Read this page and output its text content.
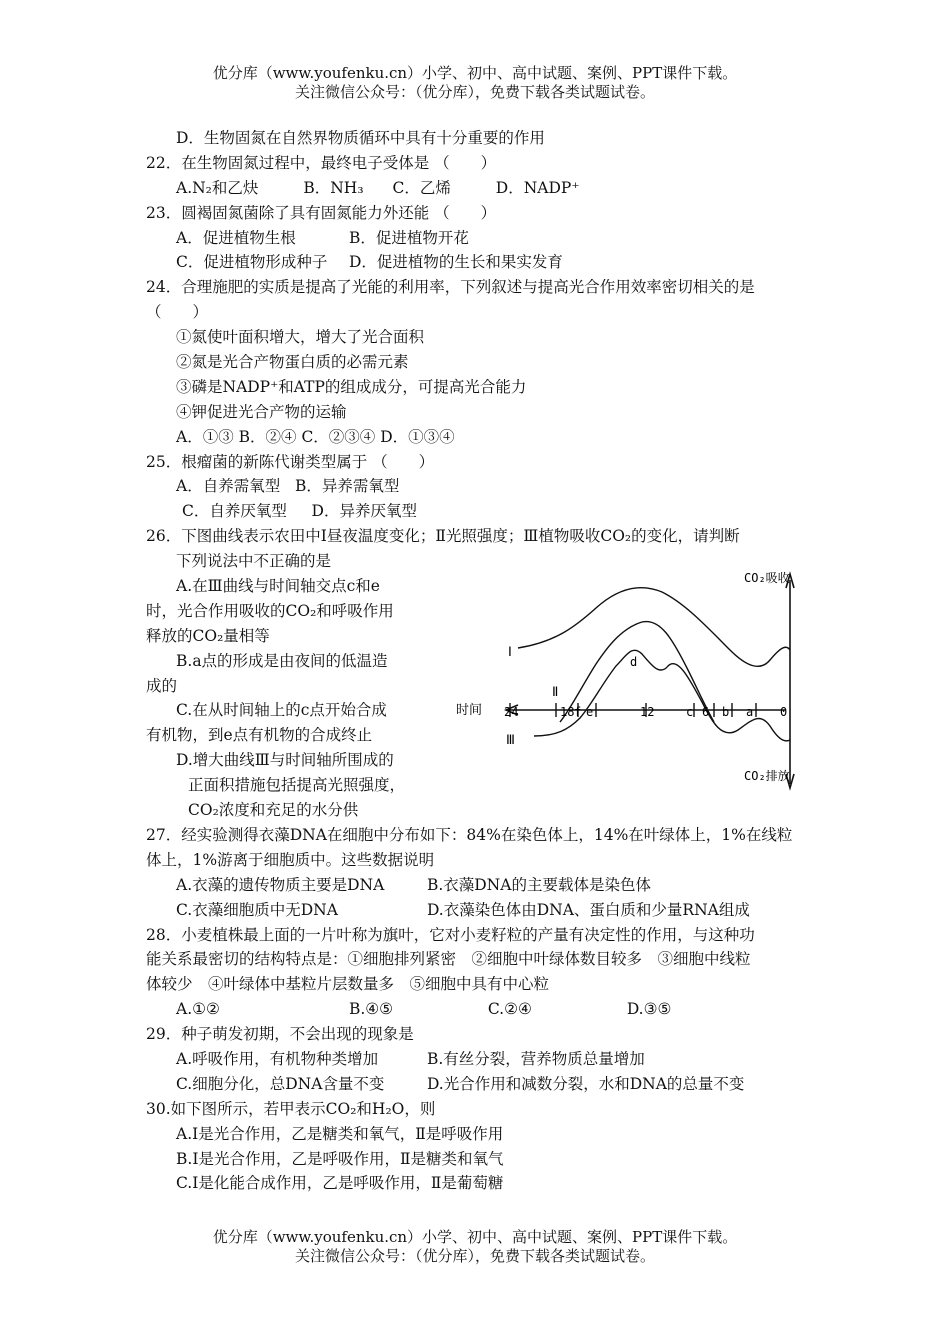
优分库（www.youfenku.cn）小学、初中、高中试题、案例、PPT课件下载。
关注微信公众号：（优分库），免费下载各类试题试卷。
D．生物固氮在自然界物质循环中具有十分重要的作用
22．在生物固氮过程中，最终电子受体是 （　　）
A.N₂和乙炔	B．NH₃ C．乙烯	D．NADP⁺
23．圆褐固氮菌除了具有固氮能力外还能 （　　）
A．促进植物生根	B．促进植物开花
C．促进植物形成种子 D．促进植物的生长和果实发育
24．合理施肥的实质是提高了光能的利用率，下列叙述与提高光合作用效率密切相关的是
（　　）
①氮使叶面积增大，增大了光合面积
②氮是光合产物蛋白质的必需元素
③磷是NADP⁺和ATP的组成成分，可提高光合能力
④钾促进光合产物的运输
A．①③ B．②④ C．②③④ D．①③④
25．根瘤菌的新陈代谢类型属于 （　　）
A．自养需氧型 B．异养需氧型
C．自养厌氧型 D．异养厌氧型
26．下图曲线表示农田中Ⅰ昼夜温度变化；Ⅱ光照强度；Ⅲ植物吸收CO₂的变化，请判断
下列说法中不正确的是
A.在Ⅲ曲线与时间轴交点c和e
时，光合作用吸收的CO₂和呼吸作用
释放的CO₂量相等
B.a点的形成是由夜间的低温造
成的
C.在从时间轴上的c点开始合成
有机物，到e点有机物的合成终止
D.增大曲线Ⅲ与时间轴所围成的
正面积措施包括提高光照强度，
CO₂浓度和充足的水分供
27．经实验测得衣藻DNA在细胞中分布如下：84%在染色体上，14%在叶绿体上，1%在线粒
体上，1%游离于细胞质中。这些数据说明
A.衣藻的遗传物质主要是DNA	B.衣藻DNA的主要载体是染色体
C.衣藻细胞质中无DNA	D.衣藻染色体由DNA、蛋白质和少量RNA组成
28．小麦植株最上面的一片叶称为旗叶，它对小麦籽粒的产量有决定性的作用，与这种功
能关系最密切的结构特点是：①细胞排列紧密　②细胞中叶绿体数目较多　③细胞中线粒
体较少　④叶绿体中基粒片层数量多　⑤细胞中具有中心粒
A.①②	B.④⑤	C.②④	D.③⑤
29．种子萌发初期，不会出现的现象是
A.呼吸作用，有机物种类增加	B.有丝分裂，营养物质总量增加
C.细胞分化，总DNA含量不变	D.光合作用和减数分裂，水和DNA的总量不变
30.如下图所示，若甲表示CO₂和H₂O，则
A.Ⅰ是光合作用，乙是糖类和氧气，Ⅱ是呼吸作用
B.Ⅰ是光合作用，乙是呼吸作用，Ⅱ是糖类和氧气
C.Ⅰ是化能合成作用，乙是呼吸作用，Ⅱ是葡萄糖
时间
CO₂吸收
CO₂排放
24	18 f e	12	c 6 b a 0
d
Ⅰ
Ⅱ
Ⅲ
优分库（www.youfenku.cn）小学、初中、高中试题、案例、PPT课件下载。
关注微信公众号：（优分库），免费下载各类试题试卷。
